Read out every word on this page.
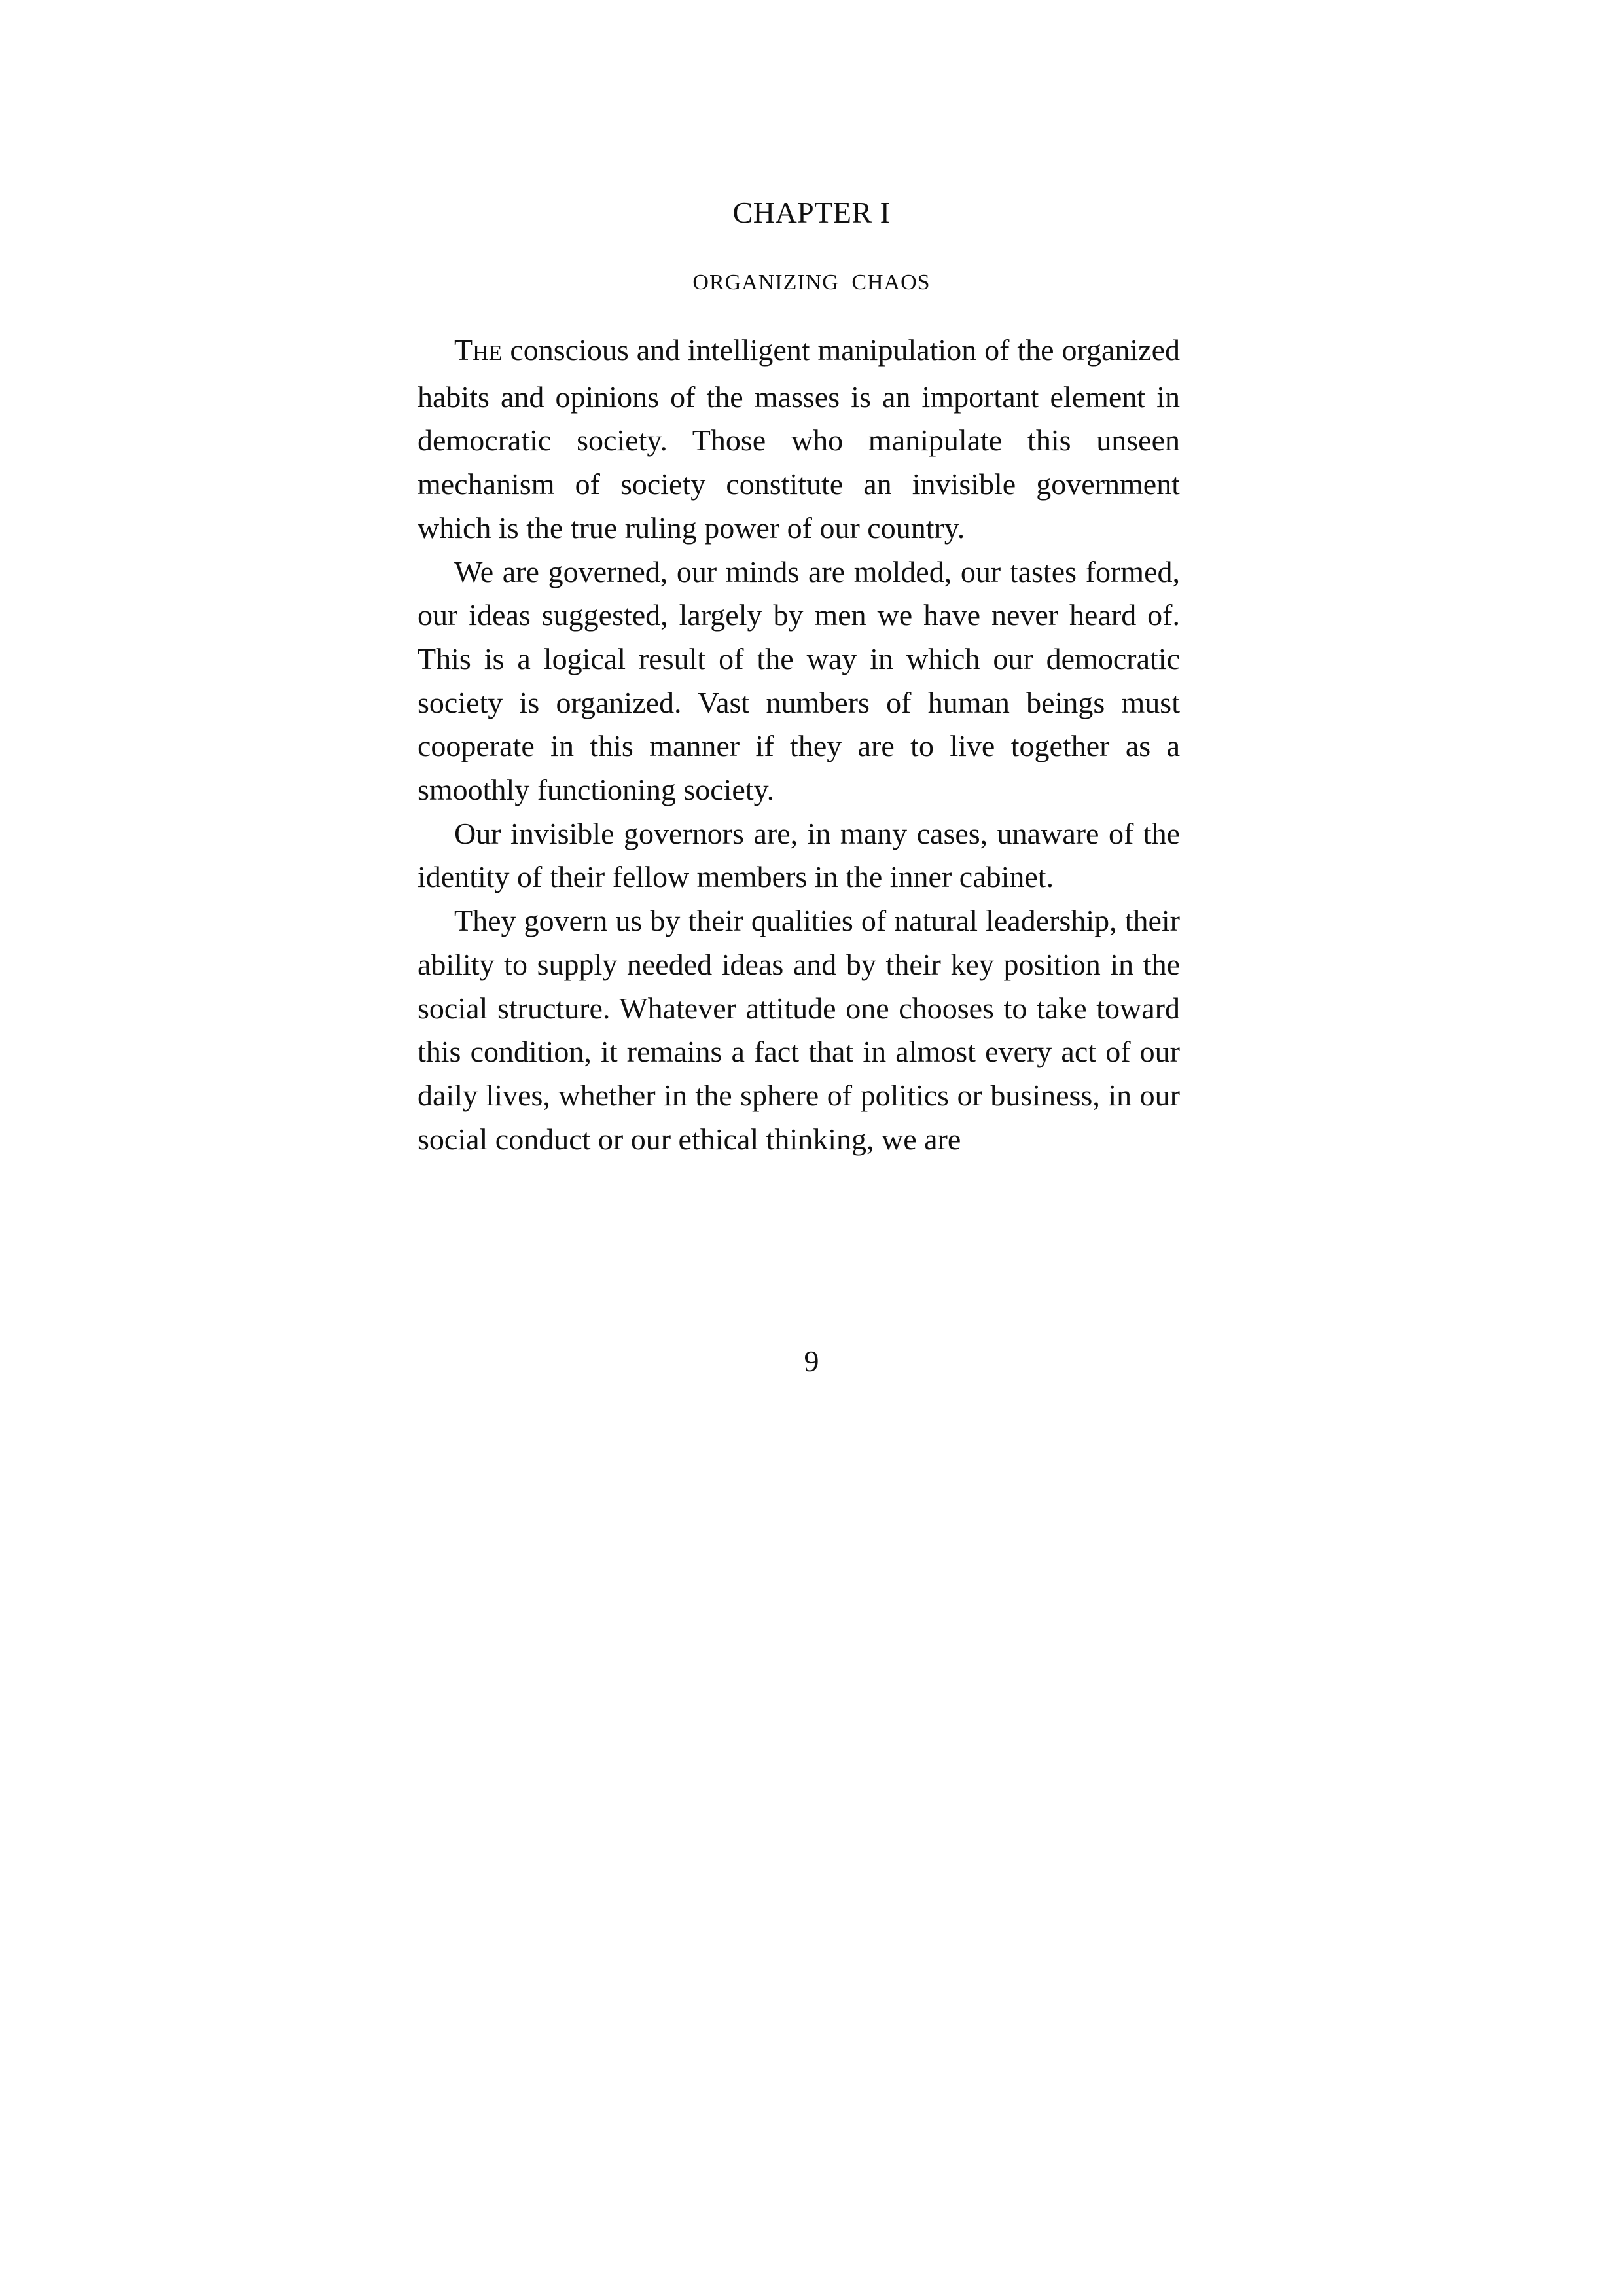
CHAPTER I
ORGANIZING CHAOS

THE conscious and intelligent manipulation of the organized habits and opinions of the masses is an important element in democratic society. Those who manipulate this unseen mechanism of society constitute an invisible government which is the true ruling power of our country.

We are governed, our minds are molded, our tastes formed, our ideas suggested, largely by men we have never heard of. This is a logical result of the way in which our democratic society is organized. Vast numbers of human beings must cooperate in this manner if they are to live together as a smoothly functioning society.

Our invisible governors are, in many cases, unaware of the identity of their fellow members in the inner cabinet.

They govern us by their qualities of natural leadership, their ability to supply needed ideas and by their key position in the social structure. Whatever attitude one chooses to take toward this condition, it remains a fact that in almost every act of our daily lives, whether in the sphere of politics or business, in our social conduct or our ethical thinking, we are

9
